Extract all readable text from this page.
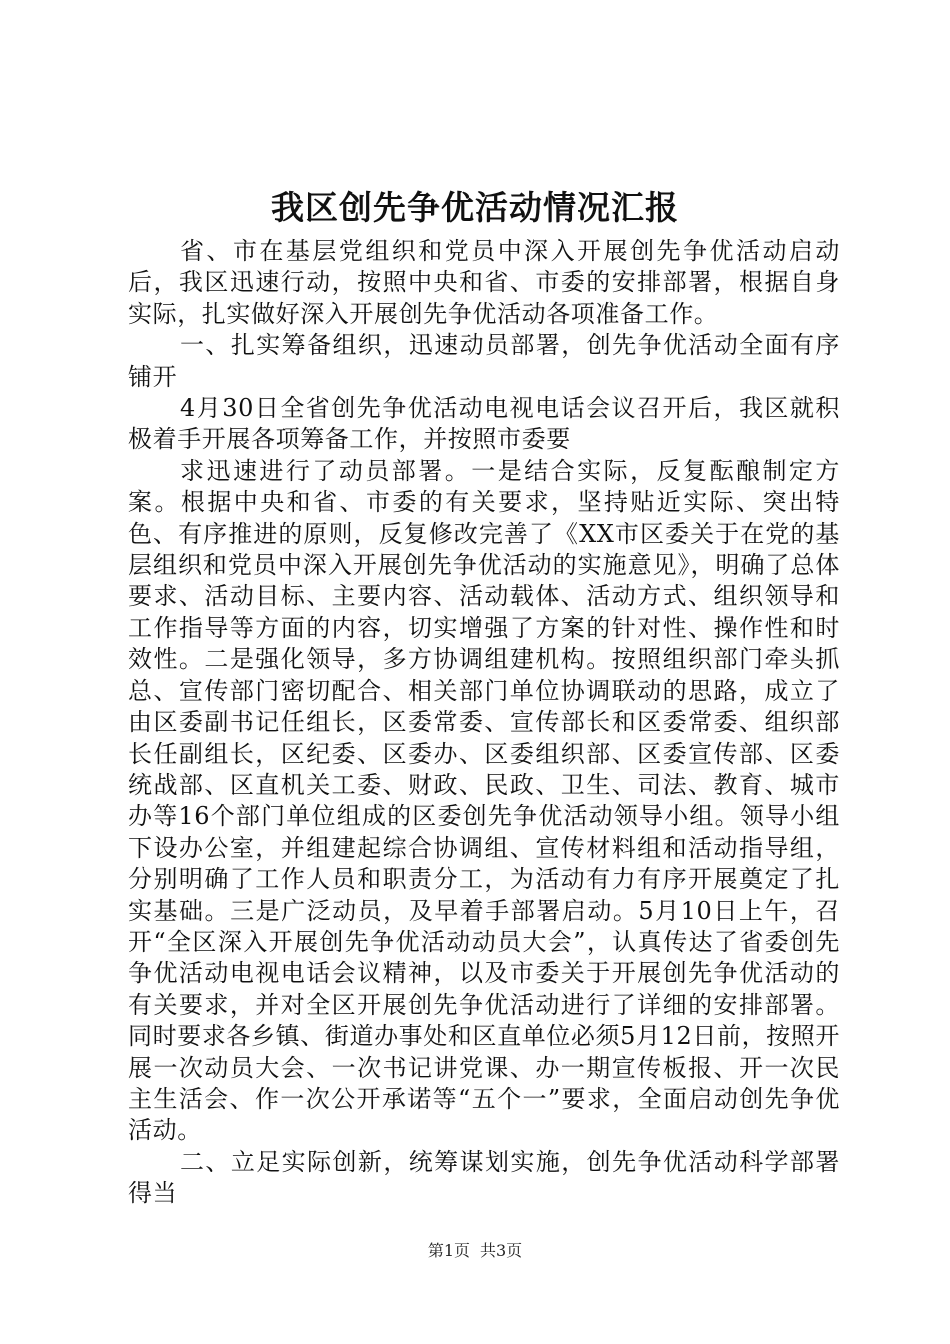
我区创先争优活动情况汇报

省、市在基层党组织和党员中深入开展创先争优活动启动后，我区迅速行动，按照中央和省、市委的安排部署，根据自身实际，扎实做好深入开展创先争优活动各项准备工作。

一、扎实筹备组织，迅速动员部署，创先争优活动全面有序铺开

4月30日全省创先争优活动电视电话会议召开后，我区就积极着手开展各项筹备工作，并按照市委要

求迅速进行了动员部署。一是结合实际，反复酝酿制定方案。根据中央和省、市委的有关要求，坚持贴近实际、突出特色、有序推进的原则，反复修改完善了《XX市区委关于在党的基层组织和党员中深入开展创先争优活动的实施意见》，明确了总体要求、活动目标、主要内容、活动载体、活动方式、组织领导和工作指导等方面的内容，切实增强了方案的针对性、操作性和时效性。二是强化领导，多方协调组建机构。按照组织部门牵头抓总、宣传部门密切配合、相关部门单位协调联动的思路，成立了由区委副书记任组长，区委常委、宣传部长和区委常委、组织部长任副组长，区纪委、区委办、区委组织部、区委宣传部、区委统战部、区直机关工委、财政、民政、卫生、司法、教育、城市办等16个部门单位组成的区委创先争优活动领导小组。领导小组下设办公室，并组建起综合协调组、宣传材料组和活动指导组，分别明确了工作人员和职责分工，为活动有力有序开展奠定了扎实基础。三是广泛动员，及早着手部署启动。5月10日上午，召开“全区深入开展创先争优活动动员大会”，认真传达了省委创先争优活动电视电话会议精神，以及市委关于开展创先争优活动的有关要求，并对全区开展创先争优活动进行了详细的安排部署。同时要求各乡镇、街道办事处和区直单位必须5月12日前，按照开展一次动员大会、一次书记讲党课、办一期宣传板报、开一次民主生活会、作一次公开承诺等“五个一”要求，全面启动创先争优活动。

二、立足实际创新，统筹谋划实施，创先争优活动科学部署得当

第1页 共3页
